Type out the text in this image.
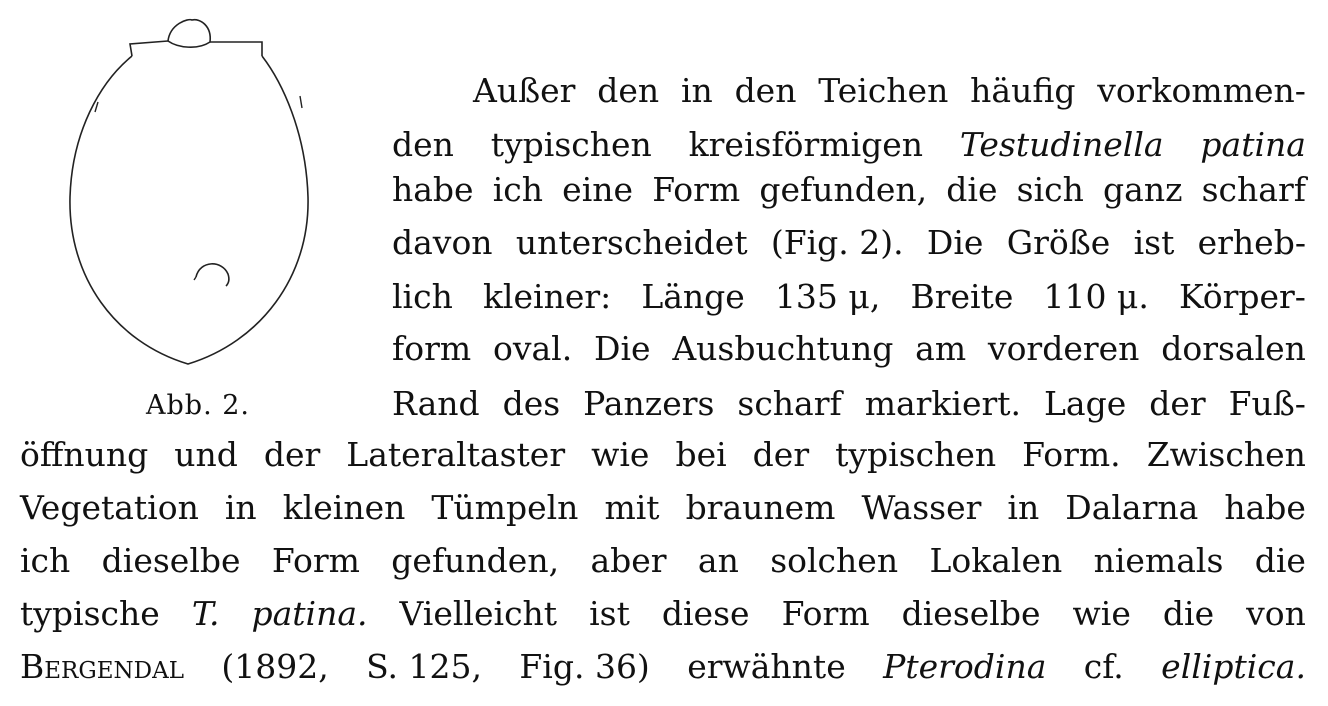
Abb. 2.
Außer den in den Teichen häufig vorkommen-
den typischen kreisförmigen Testudinella patina
habe ich eine Form gefunden, die sich ganz scharf
davon unterscheidet (Fig. 2). Die Größe ist erheb-
lich kleiner: Länge 135 μ, Breite 110 μ. Körper-
form oval. Die Ausbuchtung am vorderen dorsalen
Rand des Panzers scharf markiert. Lage der Fuß-
öffnung und der Lateraltaster wie bei der typischen Form. Zwischen
Vegetation in kleinen Tümpeln mit braunem Wasser in Dalarna habe
ich dieselbe Form gefunden, aber an solchen Lokalen niemals die
typische T. patina. Vielleicht ist diese Form dieselbe wie die von
Bergendal (1892, S. 125, Fig. 36) erwähnte Pterodina cf. elliptica.
